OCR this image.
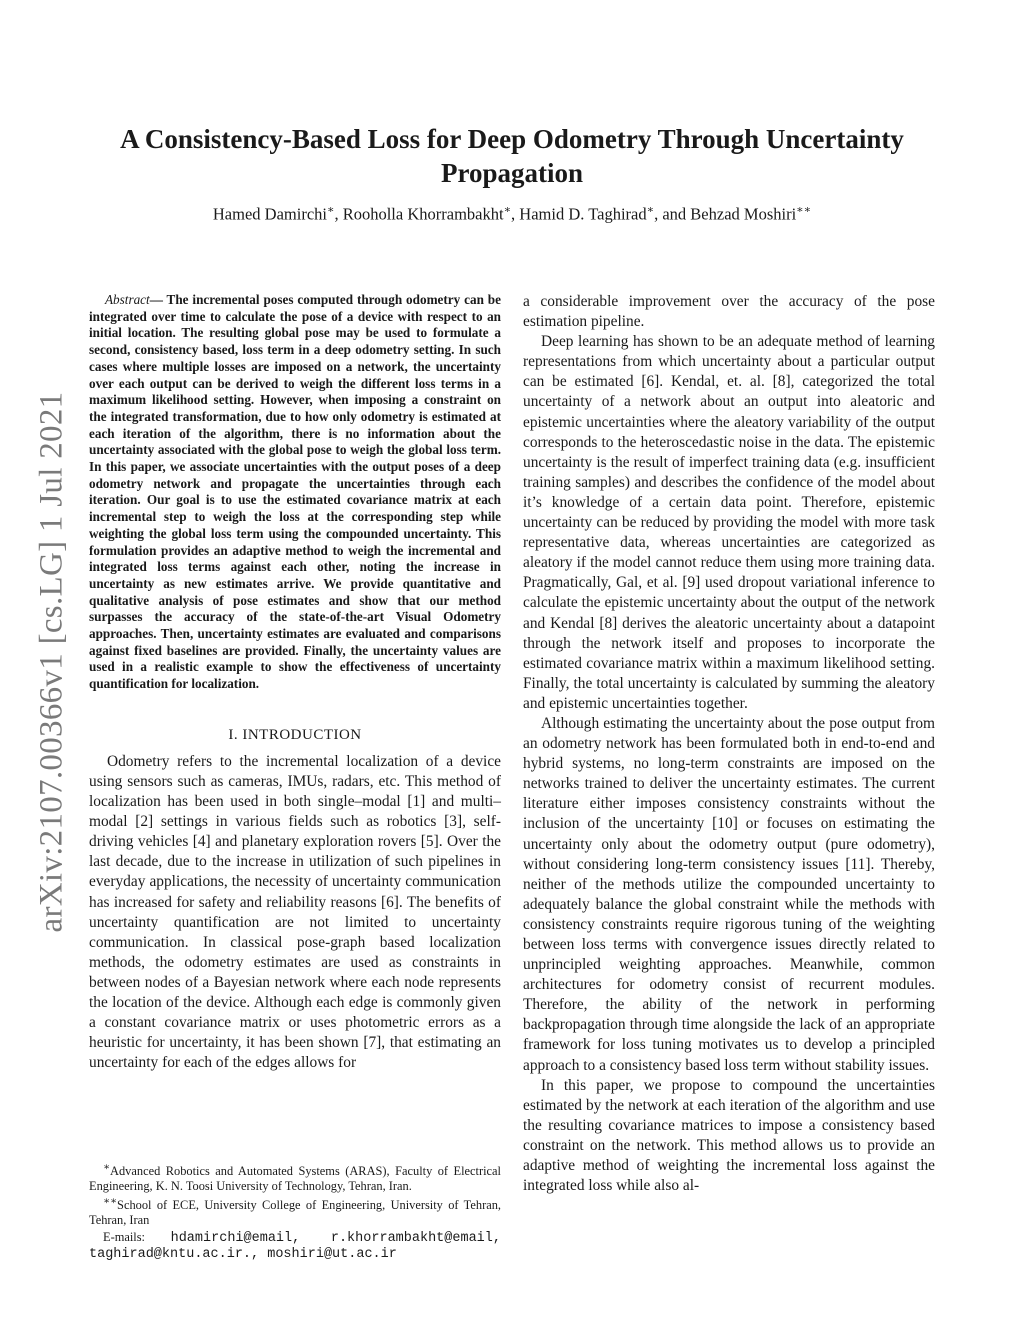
arXiv:2107.00366v1 [cs.LG] 1 Jul 2021
A Consistency-Based Loss for Deep Odometry Through Uncertainty Propagation

Hamed Damirchi∗, Rooholla Khorrambakht∗, Hamid D. Taghirad∗, and Behzad Moshiri∗∗

Abstract— The incremental poses computed through odometry can be integrated over time to calculate the pose of a device with respect to an initial location. The resulting global pose may be used to formulate a second, consistency based, loss term in a deep odometry setting. In such cases where multiple losses are imposed on a network, the uncertainty over each output can be derived to weigh the different loss terms in a maximum likelihood setting. However, when imposing a constraint on the integrated transformation, due to how only odometry is estimated at each iteration of the algorithm, there is no information about the uncertainty associated with the global pose to weigh the global loss term. In this paper, we associate uncertainties with the output poses of a deep odometry network and propagate the uncertainties through each iteration. Our goal is to use the estimated covariance matrix at each incremental step to weigh the loss at the corresponding step while weighting the global loss term using the compounded uncertainty. This formulation provides an adaptive method to weigh the incremental and integrated loss terms against each other, noting the increase in uncertainty as new estimates arrive. We provide quantitative and qualitative analysis of pose estimates and show that our method surpasses the accuracy of the state-of-the-art Visual Odometry approaches. Then, uncertainty estimates are evaluated and comparisons against fixed baselines are provided. Finally, the uncertainty values are used in a realistic example to show the effectiveness of uncertainty quantification for localization.

I. INTRODUCTION

Odometry refers to the incremental localization of a device using sensors such as cameras, IMUs, radars, etc. This method of localization has been used in both single–modal [1] and multi–modal [2] settings in various fields such as robotics [3], self-driving vehicles [4] and planetary exploration rovers [5]. Over the last decade, due to the increase in utilization of such pipelines in everyday applications, the necessity of uncertainty communication has increased for safety and reliability reasons [6]. The benefits of uncertainty quantification are not limited to uncertainty communication. In classical pose-graph based localization methods, the odometry estimates are used as constraints in between nodes of a Bayesian network where each node represents the location of the device. Although each edge is commonly given a constant covariance matrix or uses photometric errors as a heuristic for uncertainty, it has been shown [7], that estimating an uncertainty for each of the edges allows for

a considerable improvement over the accuracy of the pose estimation pipeline.

Deep learning has shown to be an adequate method of learning representations from which uncertainty about a particular output can be estimated [6]. Kendal, et. al. [8], categorized the total uncertainty of a network about an output into aleatoric and epistemic uncertainties where the aleatory variability of the output corresponds to the heteroscedastic noise in the data. The epistemic uncertainty is the result of imperfect training data (e.g. insufficient training samples) and describes the confidence of the model about it’s knowledge of a certain data point. Therefore, epistemic uncertainty can be reduced by providing the model with more task representative data, whereas uncertainties are categorized as aleatory if the model cannot reduce them using more training data. Pragmatically, Gal, et al. [9] used dropout variational inference to calculate the epistemic uncertainty about the output of the network and Kendal [8] derives the aleatoric uncertainty about a datapoint through the network itself and proposes to incorporate the estimated covariance matrix within a maximum likelihood setting. Finally, the total uncertainty is calculated by summing the aleatory and epistemic uncertainties together.

Although estimating the uncertainty about the pose output from an odometry network has been formulated both in end-to-end and hybrid systems, no long-term constraints are imposed on the networks trained to deliver the uncertainty estimates. The current literature either imposes consistency constraints without the inclusion of the uncertainty [10] or focuses on estimating the uncertainty only about the odometry output (pure odometry), without considering long-term consistency issues [11]. Thereby, neither of the methods utilize the compounded uncertainty to adequately balance the global constraint while the methods with consistency constraints require rigorous tuning of the weighting between loss terms with convergence issues directly related to unprincipled weighting approaches. Meanwhile, common architectures for odometry consist of recurrent modules. Therefore, the ability of the network in performing backpropagation through time alongside the lack of an appropriate framework for loss tuning motivates us to develop a principled approach to a consistency based loss term without stability issues.

In this paper, we propose to compound the uncertainties estimated by the network at each iteration of the algorithm and use the resulting covariance matrices to impose a consistency based constraint on the network. This method allows us to provide an adaptive method of weighting the incremental loss against the integrated loss while also al-

∗Advanced Robotics and Automated Systems (ARAS), Faculty of Electrical Engineering, K. N. Toosi University of Technology, Tehran, Iran.

∗∗School of ECE, University College of Engineering, University of Tehran, Tehran, Iran

E-mails: hdamirchi@email, r.khorrambakht@email, taghirad@kntu.ac.ir., moshiri@ut.ac.ir
